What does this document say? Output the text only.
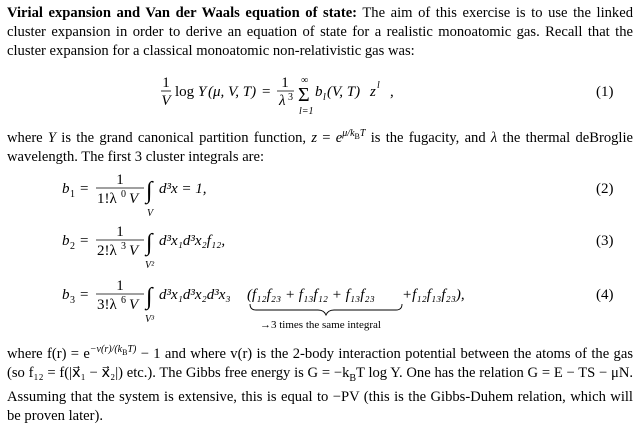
Virial expansion and Van der Waals equation of state: The aim of this exercise is to use the linked cluster expansion in order to derive an equation of state for a realistic monoatomic gas. Recall that the cluster expansion for a classical monoatomic non-relativistic gas was:
1
V
log Y (μ, V, T) =
1
λ 3
∞
Σ
l=1
b l (V, T) z l ,	(1)
where Y is the grand canonical partition function, $z = e^{\mu/k_BT}$ is the fugacity, and λ the thermal deBroglie wavelength. The first 3 cluster integrals are:
b 1 =
1
1!λ 0 V ∫
V
d³x = 1,	(2)
b 2 =
1
2!λ 3 V ∫
V²
d³x₁d³x₂f₁₂,	(3)
b 3 =
1
3!λ 6 V ∫
V³
d³x₁d³x₂d³x₃ (f₁₂f₂₃ + f₁₃f₁₂ + f₁₃f₂₃ +f₁₂f₁₃f₂₃),
→3 times the same integral
(4)
where $f(r) = e^{-v(r)/(k_BT)} - 1$ and where v(r) is the 2-body interaction potential between the atoms of the gas (so f₁₂ = f(|x⃗₁ − x⃗₂|) etc.). The Gibbs free energy is $G = -k_BT$ log Y. One has the relation G = E − TS − μN. Assuming that the system is extensive, this is equal to −PV (this is the Gibbs-Duhem relation, which will be proven later).
